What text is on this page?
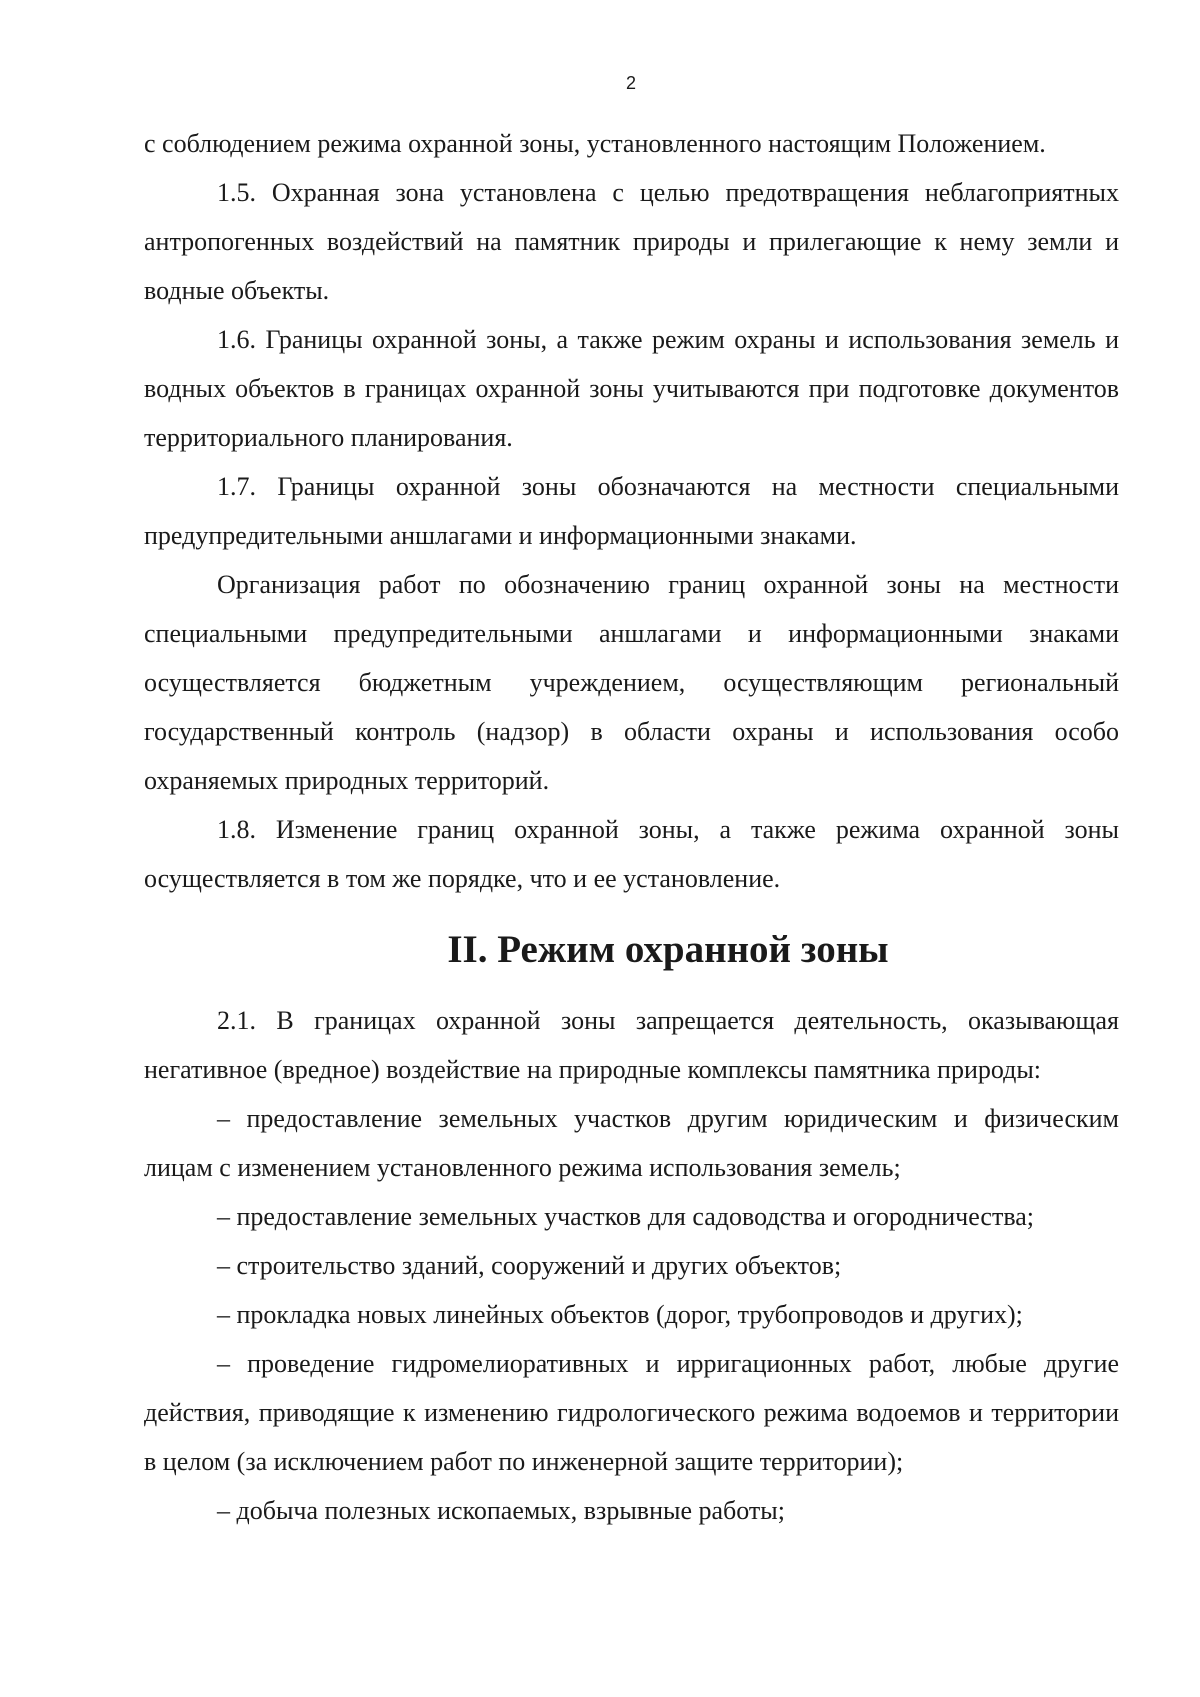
2

с соблюдением режима охранной зоны, установленного настоящим Положением.

1.5. Охранная зона установлена с целью предотвращения неблагоприятных антропогенных воздействий на памятник природы и прилегающие к нему земли и водные объекты.

1.6. Границы охранной зоны, а также режим охраны и использования земель и водных объектов в границах охранной зоны учитываются при подготовке документов территориального планирования.

1.7. Границы охранной зоны обозначаются на местности специальными предупредительными аншлагами и информационными знаками.

Организация работ по обозначению границ охранной зоны на местности специальными предупредительными аншлагами и информационными знаками осуществляется бюджетным учреждением, осуществляющим региональный государственный контроль (надзор) в области охраны и использования особо охраняемых природных территорий.

1.8. Изменение границ охранной зоны, а также режима охранной зоны осуществляется в том же порядке, что и ее установление.

II. Режим охранной зоны

2.1. В границах охранной зоны запрещается деятельность, оказывающая негативное (вредное) воздействие на природные комплексы памятника природы:

– предоставление земельных участков другим юридическим и физическим лицам с изменением установленного режима использования земель;

– предоставление земельных участков для садоводства и огородничества;

– строительство зданий, сооружений и других объектов;

– прокладка новых линейных объектов (дорог, трубопроводов и других);

– проведение гидромелиоративных и ирригационных работ, любые другие действия, приводящие к изменению гидрологического режима водоемов и территории в целом (за исключением работ по инженерной защите территории);

– добыча полезных ископаемых, взрывные работы;
